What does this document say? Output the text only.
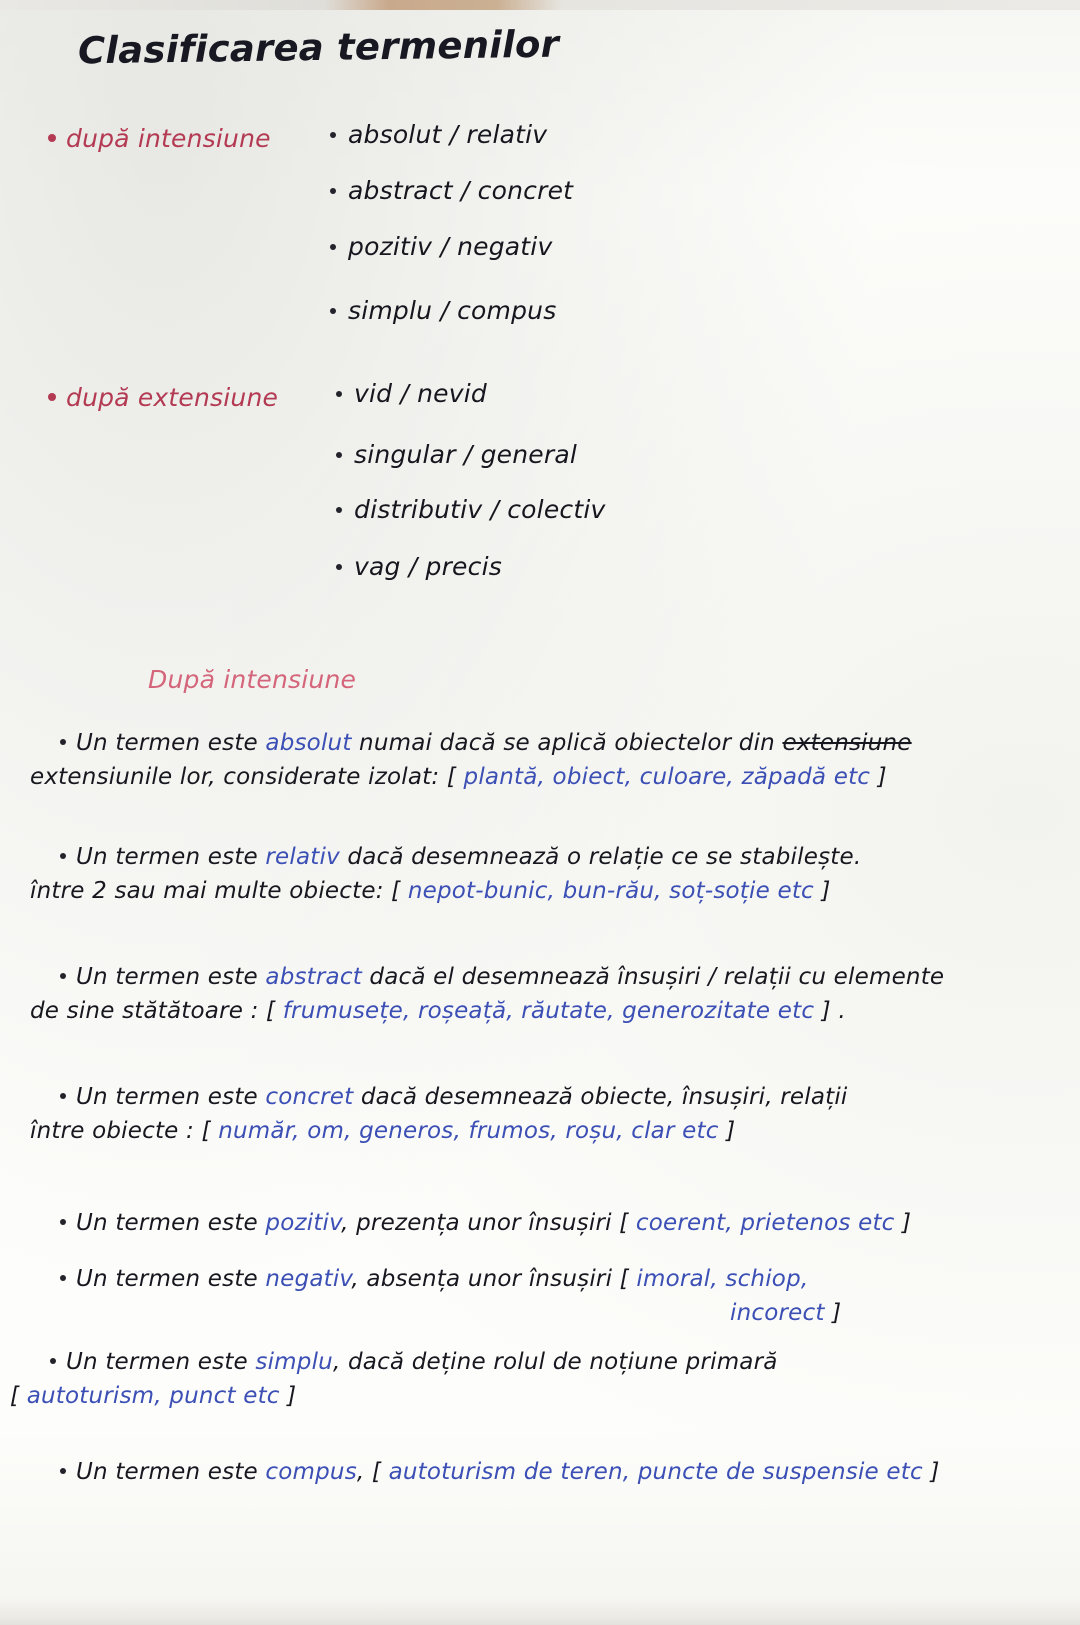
Clasificarea termenilor
după intensiune	absolut / relativ
abstract / concret
pozitiv / negativ
simplu / compus
după extensiune	vid / nevid
singular / general
distributiv / colectiv
vag / precis
După intensiune
Un termen este absolut numai dacă se aplică obiectelor din extensiune
extensiunile lor, considerate izolat: [ plantă, obiect, culoare, zăpadă etc ]
Un termen este relativ dacă desemnează o relație ce se stabilește.
între 2 sau mai multe obiecte: [ nepot-bunic, bun-rău, soț-soție etc ]
Un termen este abstract dacă el desemnează însușiri / relații cu elemente
de sine stătătoare : [ frumusețe, roșeață, răutate, generozitate etc ] .
Un termen este concret dacă desemnează obiecte, însușiri, relații
între obiecte : [ număr, om, generos, frumos, roșu, clar etc ]
Un termen este pozitiv, prezența unor însușiri [ coerent, prietenos etc ]
Un termen este negativ, absența unor însușiri [ imoral, schiop,
incorect ]
Un termen este simplu, dacă deține rolul de noțiune primară
[ autoturism, punct etc ]
Un termen este compus, [ autoturism de teren, puncte de suspensie etc ]
